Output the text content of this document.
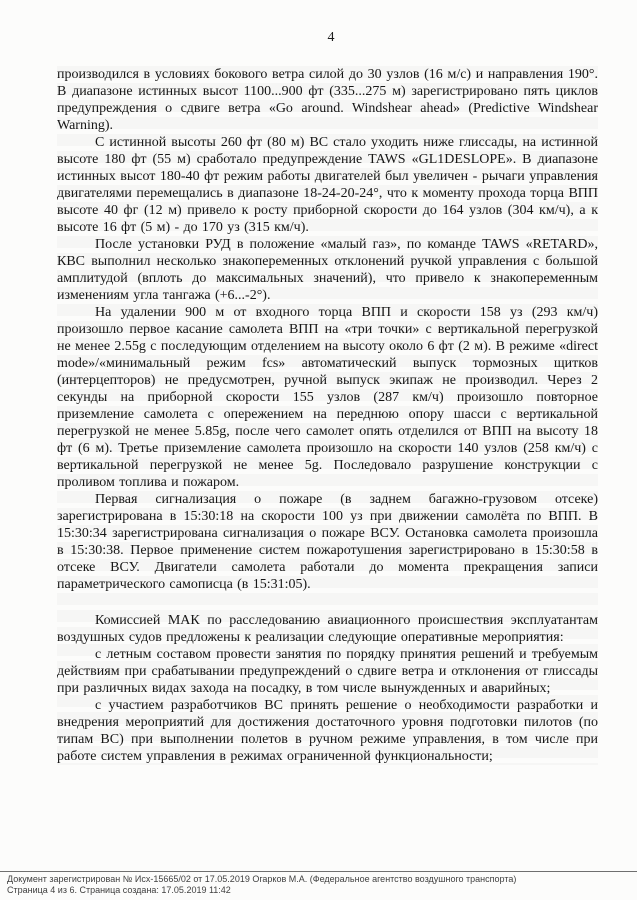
4

производился в условиях бокового ветра силой до 30 узлов (16 м/с) и направления 190°. В диапазоне истинных высот 1100...900 фт (335...275 м) зарегистрировано пять циклов предупреждения о сдвиге ветра «Go around. Windshear ahead» (Predictive Windshear Warning).

С истинной высоты 260 фт (80 м) ВС стало уходить ниже глиссады, на истинной высоте 180 фт (55 м) сработало предупреждение TAWS «GL1DESLOPE». В диапазоне истинных высот 180-40 фт режим работы двигателей был увеличен - рычаги управления двигателями перемещались в диапазоне 18-24-20-24°, что к моменту прохода торца ВПП высоте 40 фг (12 м) привело к росту приборной скорости до 164 узлов (304 км/ч), а к высоте 16 фт (5 м) - до 170 уз (315 км/ч).

После установки РУД в положение «малый газ», по команде TAWS «RETARD», КВС выполнил несколько знакопеременных отклонений ручкой управления с большой амплитудой (вплоть до максимальных значений), что привело к знакопеременным изменениям угла тангажа (+6...-2°).

На удалении 900 м от входного торца ВПП и скорости 158 уз (293 км/ч) произошло первое касание самолета ВПП на «три точки» с вертикальной перегрузкой не менее 2.55g с последующим отделением на высоту около 6 фт (2 м). В режиме «direct mode»/«минимальный режим fcs» автоматический выпуск тормозных щитков (интерцепторов) не предусмотрен, ручной выпуск экипаж не производил. Через 2 секунды на приборной скорости 155 узлов (287 км/ч) произошло повторное приземление самолета с опережением на переднюю опору шасси с вертикальной перегрузкой не менее 5.85g, после чего самолет опять отделился от ВПП на высоту 18 фт (6 м). Третье приземление самолета произошло на скорости 140 узлов (258 км/ч) с вертикальной перегрузкой не менее 5g. Последовало разрушение конструкции с проливом топлива и пожаром.

Первая сигнализация о пожаре (в заднем багажно-грузовом отсеке) зарегистрирована в 15:30:18 на скорости 100 уз при движении самолёта по ВПП. В 15:30:34 зарегистрирована сигнализация о пожаре ВСУ. Остановка самолета произошла в 15:30:38. Первое применение систем пожаротушения зарегистрировано в 15:30:58 в отсеке ВСУ. Двигатели самолета работали до момента прекращения записи параметрического самописца (в 15:31:05).

Комиссией МАК по расследованию авиационного происшествия эксплуатантам воздушных судов предложены к реализации следующие оперативные мероприятия:

с летным составом провести занятия по порядку принятия решений и требуемым действиям при срабатывании предупреждений о сдвиге ветра и отклонения от глиссады при различных видах захода на посадку, в том числе вынужденных и аварийных;

с участием разработчиков ВС принять решение о необходимости разработки и внедрения мероприятий для достижения достаточного уровня подготовки пилотов (по типам ВС) при выполнении полетов в ручном режиме управления, в том числе при работе систем управления в режимах ограниченной функциональности;

Документ зарегистрирован № Исх-15665/02 от 17.05.2019 Огарков М.А. (Федеральное агентство воздушного транспорта)
Страница 4 из 6. Страница создана: 17.05.2019 11:42
